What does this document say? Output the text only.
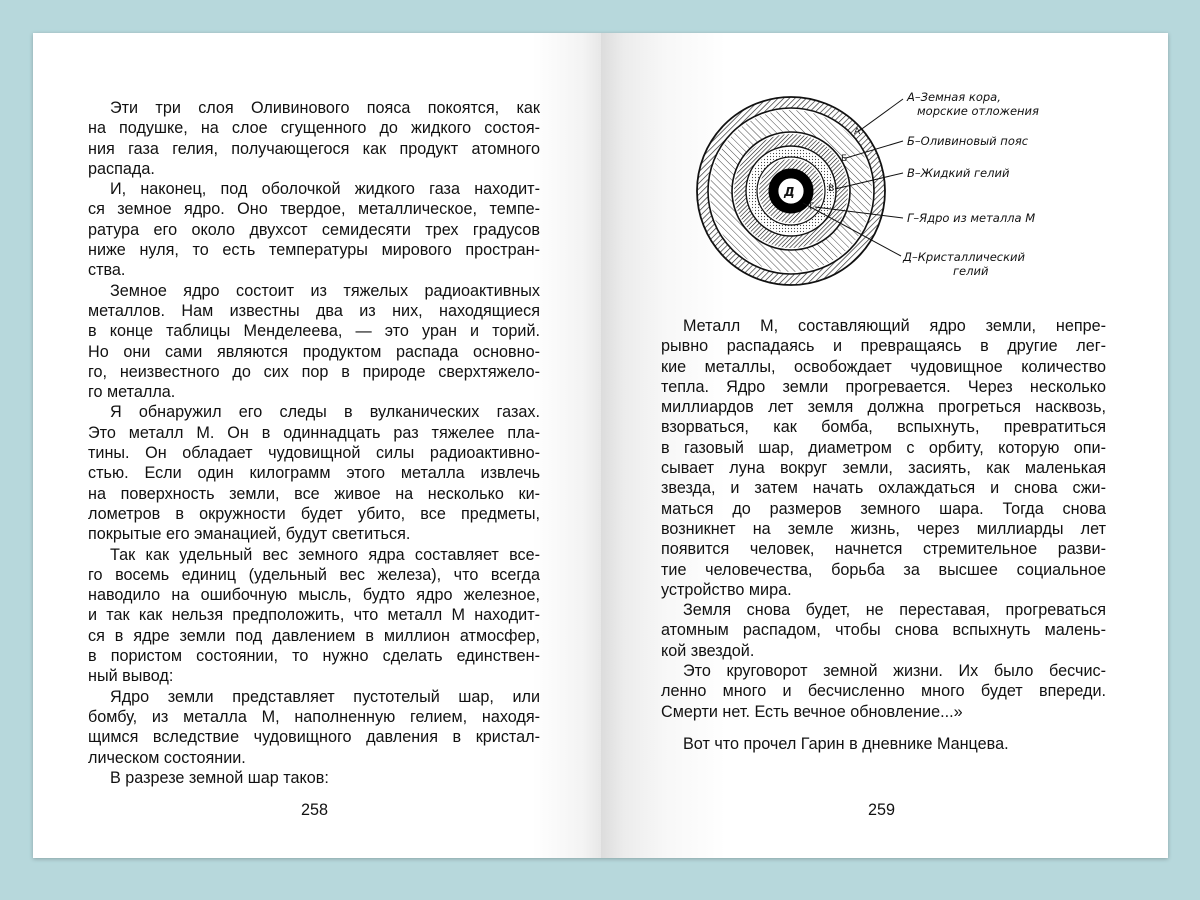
Эти три слоя Оливинового пояса покоятся, как
на подушке, на слое сгущенного до жидкого состоя-
ния газа гелия, получающегося как продукт атомного
распада.
И, наконец, под оболочкой жидкого газа находит-
ся земное ядро. Оно твердое, металлическое, темпе-
ратура его около двухсот семидесяти трех градусов
ниже нуля, то есть температуры мирового простран-
ства.
Земное ядро состоит из тяжелых радиоактивных
металлов. Нам известны два из них, находящиеся
в конце таблицы Менделеева, — это уран и торий.
Но они сами являются продуктом распада основно-
го, неизвестного до сих пор в природе сверхтяжело-
го металла.
Я обнаружил его следы в вулканических газах.
Это металл М. Он в одиннадцать раз тяжелее пла-
тины. Он обладает чудовищной силы радиоактивно-
стью. Если один килограмм этого металла извлечь
на поверхность земли, все живое на несколько ки-
лометров в окружности будет убито, все предметы,
покрытые его эманацией, будут светиться.
Так как удельный вес земного ядра составляет все-
го восемь единиц (удельный вес железа), что всегда
наводило на ошибочную мысль, будто ядро железное,
и так как нельзя предположить, что металл М находит-
ся в ядре земли под давлением в миллион атмосфер,
в пористом состоянии, то нужно сделать единствен-
ный вывод:
Ядро земли представляет пустотелый шар, или
бомбу, из металла М, наполненную гелием, находя-
щимся вследствие чудовищного давления в кристал-
лическом состоянии.
В разрезе земной шар таков:
258
А
Б
В
Г
Д
А–Земная кора,
морские отложения
Б–Оливиновый пояс
В–Жидкий гелий
Г–Ядро из металла М
Д–Кристаллический
гелий
Металл М, составляющий ядро земли, непре-
рывно распадаясь и превращаясь в другие лег-
кие металлы, освобождает чудовищное количество
тепла. Ядро земли прогревается. Через несколько
миллиардов лет земля должна прогреться насквозь,
взорваться, как бомба, вспыхнуть, превратиться
в газовый шар, диаметром с орбиту, которую опи-
сывает луна вокруг земли, засиять, как маленькая
звезда, и затем начать охлаждаться и снова сжи-
маться до размеров земного шара. Тогда снова
возникнет на земле жизнь, через миллиарды лет
появится человек, начнется стремительное разви-
тие человечества, борьба за высшее социальное
устройство мира.
Земля снова будет, не переставая, прогреваться
атомным распадом, чтобы снова вспыхнуть малень-
кой звездой.
Это круговорот земной жизни. Их было бесчис-
ленно много и бесчисленно много будет впереди.
Смерти нет. Есть вечное обновление...»
Вот что прочел Гарин в дневнике Манцева.
259
